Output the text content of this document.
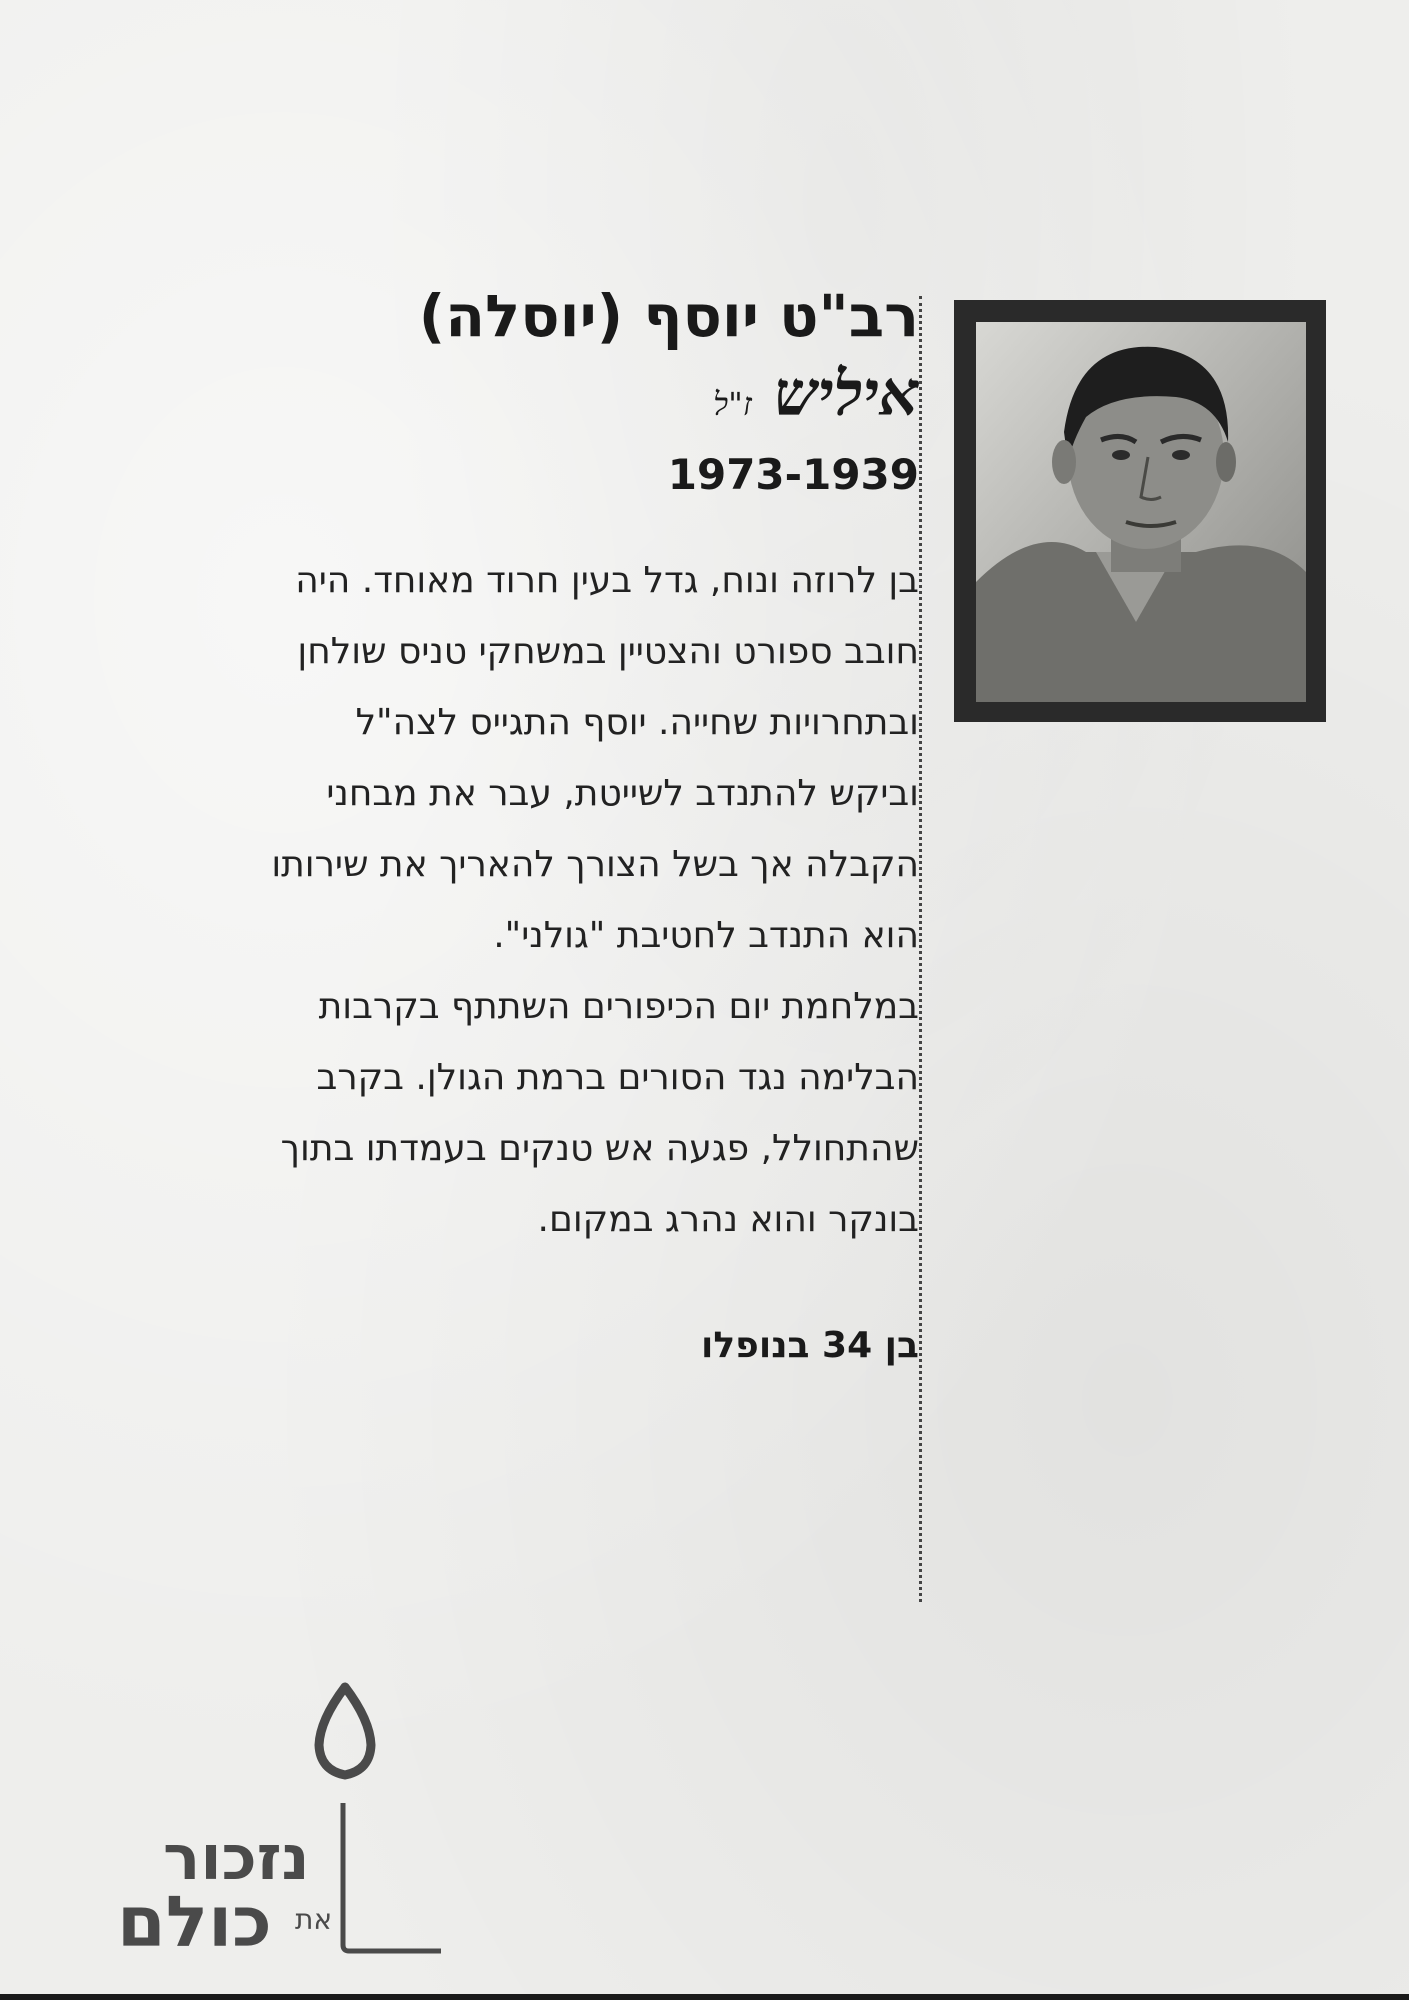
רב"ט יוסף (יוסלה)
איליש
ז"ל
1973-1939
בן לרוזה ונוח, גדל בעין חרוד מאוחד. היה
חובב ספורט והצטיין במשחקי טניס שולחן
ובתחרויות שחייה. יוסף התגייס לצה"ל
וביקש להתנדב לשייטת, עבר את מבחני
הקבלה אך בשל הצורך להאריך את שירותו
הוא התנדב לחטיבת "גולני".
במלחמת יום הכיפורים השתתף בקרבות
הבלימה נגד הסורים ברמת הגולן. בקרב
שהתחולל, פגעה אש טנקים בעמדתו בתוך
בונקר והוא נהרג במקום.
בן 34 בנופלו
נזכור
את
כולם
